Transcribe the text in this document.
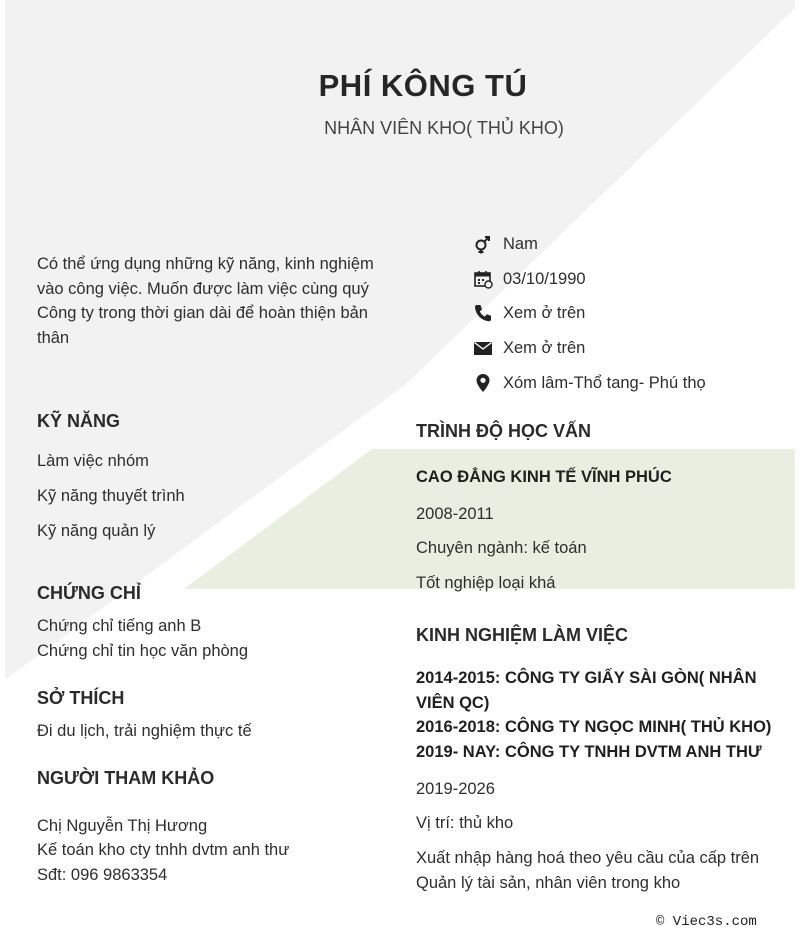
PHÍ KÔNG TÚ
NHÂN VIÊN KHO( THỦ KHO)
Có thể ứng dụng những kỹ năng, kinh nghiệm vào công việc. Muốn được làm việc cùng quý Công ty trong thời gian dài để hoàn thiện bản thân
Nam
03/10/1990
Xem ở trên
Xem ở trên
Xóm lâm-Thổ tang- Phú thọ
KỸ NĂNG
Làm việc nhóm
Kỹ năng thuyết trình
Kỹ năng quản lý
CHỨNG CHỈ
Chứng chỉ tiếng anh B
Chứng chỉ tin học văn phòng
SỞ THÍCH
Đi du lịch, trải nghiệm thực tế
NGƯỜI THAM KHẢO
Chị Nguyễn Thị Hương
Kế toán kho cty tnhh dvtm anh thư
Sđt: 096 9863354
TRÌNH ĐỘ HỌC VẤN
CAO ĐẲNG KINH TẾ VĨNH PHÚC
2008-2011
Chuyên ngành: kế toán
Tốt nghiệp loại khá
KINH NGHIỆM LÀM VIỆC
2014-2015: CÔNG TY GIẤY SÀI GÒN( NHÂN
VIÊN QC)
2016-2018: CÔNG TY NGỌC MINH( THỦ KHO)
2019- NAY: CÔNG TY TNHH DVTM ANH THƯ
2019-2026
Vị trí: thủ kho
Xuất nhập hàng hoá theo yêu cầu của cấp trên
Quản lý tài sản, nhân viên trong kho
© Viec3s.com
